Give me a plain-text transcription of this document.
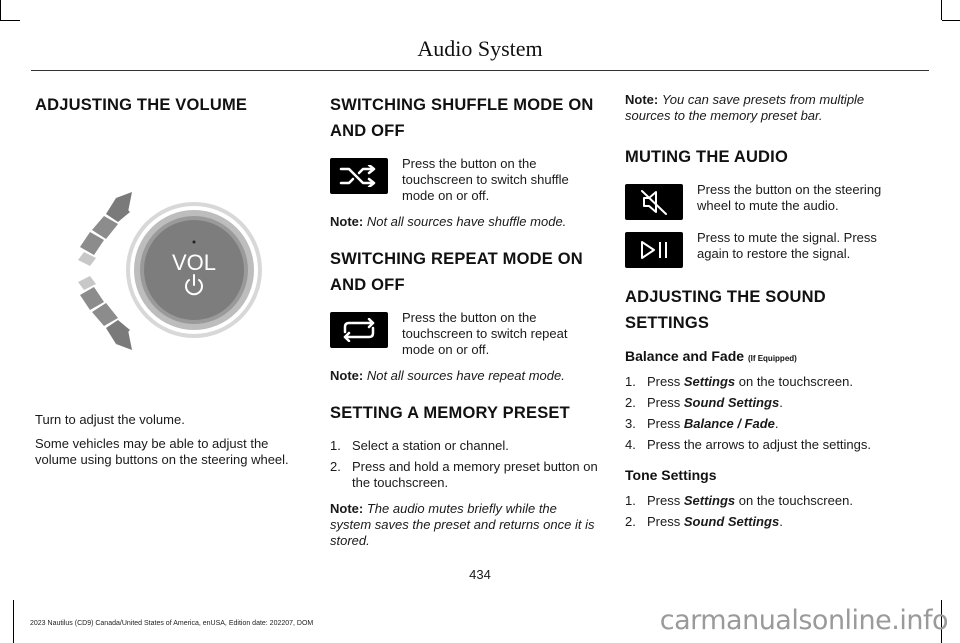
Audio System
ADJUSTING THE VOLUME
VOL

Turn to adjust the volume.

Some vehicles may be able to adjust the volume using buttons on the steering wheel.

SWITCHING SHUFFLE MODE ON AND OFF

Press the button on the touchscreen to switch shuffle mode on or off.

Note: Not all sources have shuffle mode.

SWITCHING REPEAT MODE ON AND OFF

Press the button on the touchscreen to switch repeat mode on or off.

Note: Not all sources have repeat mode.

SETTING A MEMORY PRESET
1. Select a station or channel.
2. Press and hold a memory preset button on the touchscreen.

Note: The audio mutes briefly while the system saves the preset and returns once it is stored.

Note: You can save presets from multiple sources to the memory preset bar.

MUTING THE AUDIO

Press the button on the steering wheel to mute the audio.

Press to mute the signal. Press again to restore the signal.

ADJUSTING THE SOUND SETTINGS
Balance and Fade (If Equipped)
1. Press Settings on the touchscreen.
2. Press Sound Settings.
3. Press Balance / Fade.
4. Press the arrows to adjust the settings.
Tone Settings
1. Press Settings on the touchscreen.
2. Press Sound Settings.
434
2023 Nautilus (CD9) Canada/United States of America, enUSA, Edition date: 202207, DOM	carmanualsonline.info
